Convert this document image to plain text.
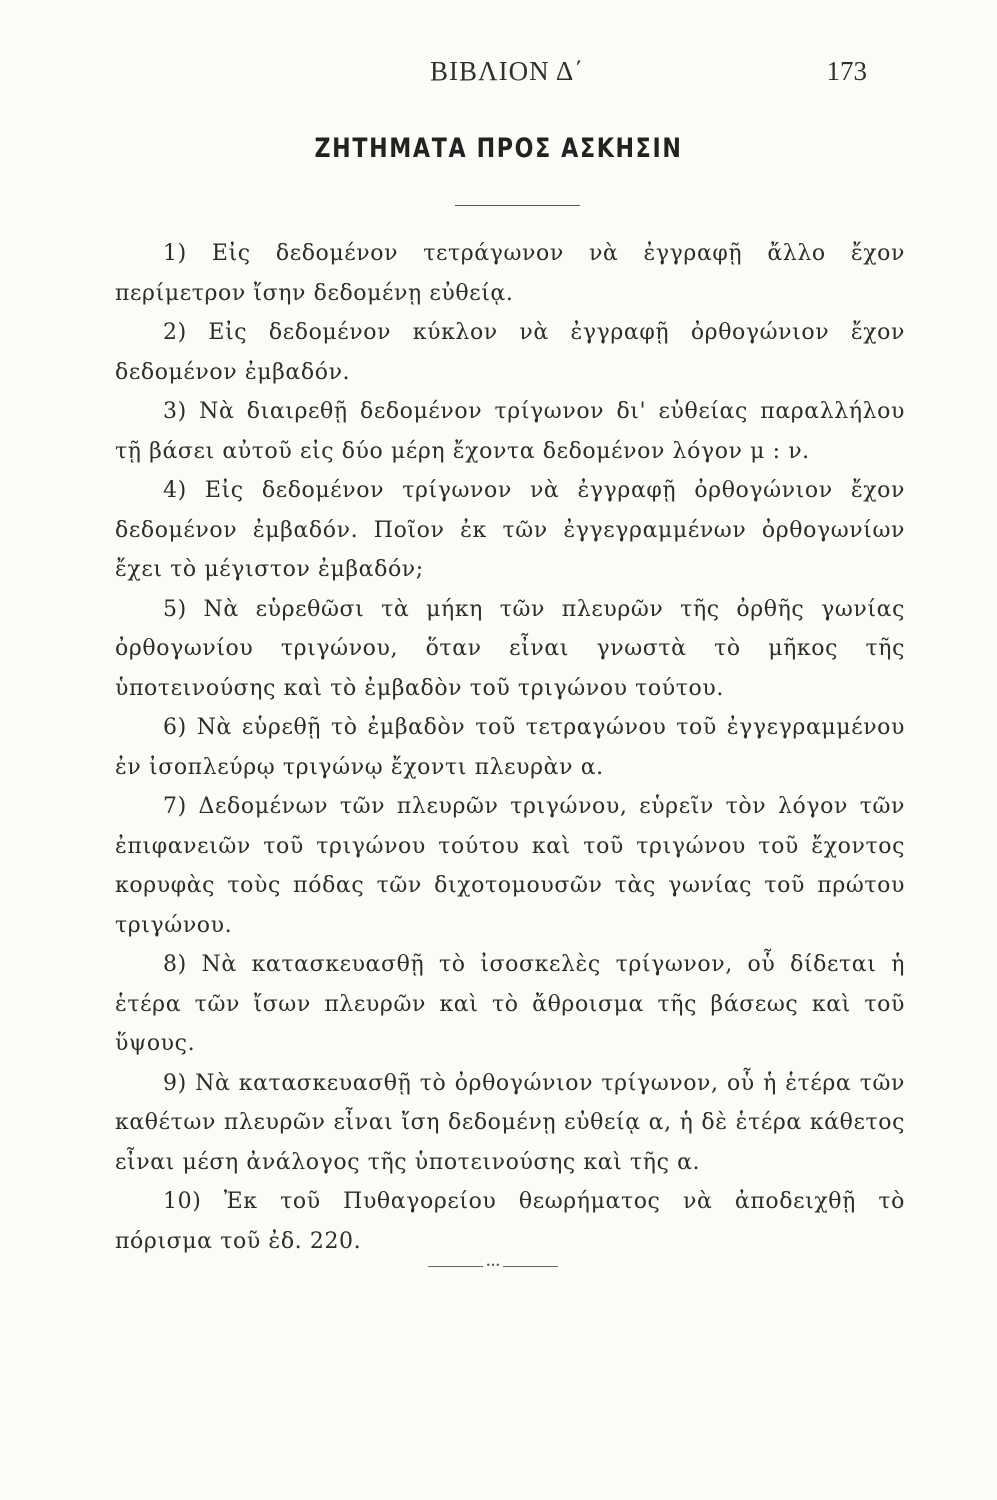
ΒΙΒΛΙΟΝ Δ΄	173
ΖΗΤΗΜΑΤΑ ΠΡΟΣ ΑΣΚΗΣΙΝ
1) Εἰς δεδομένον τετράγωνον νὰ ἐγγραφῇ ἄλλο ἔχον περίμετρον ἴσην δεδομένῃ εὐθείᾳ.
2) Εἰς δεδομένον κύκλον νὰ ἐγγραφῇ ὀρθογώνιον ἔχον δεδομένον ἐμβαδόν.
3) Νὰ διαιρεθῇ δεδομένον τρίγωνον δι' εὐθείας παραλλήλου τῇ βάσει αὐτοῦ εἰς δύο μέρη ἔχοντα δεδομένον λόγον μ : ν.
4) Εἰς δεδομένον τρίγωνον νὰ ἐγγραφῇ ὀρθογώνιον ἔχον δεδομένον ἐμβαδόν. Ποῖον ἐκ τῶν ἐγγεγραμμένων ὀρθογωνίων ἔχει τὸ μέγιστον ἐμβαδόν;
5) Νὰ εὑρεθῶσι τὰ μήκη τῶν πλευρῶν τῆς ὀρθῆς γωνίας ὀρθογωνίου τριγώνου, ὅταν εἶναι γνωστὰ τὸ μῆκος τῆς ὑποτεινούσης καὶ τὸ ἐμβαδὸν τοῦ τριγώνου τούτου.
6) Νὰ εὑρεθῇ τὸ ἐμβαδὸν τοῦ τετραγώνου τοῦ ἐγγεγραμμένου ἐν ἰσοπλεύρῳ τριγώνῳ ἔχοντι πλευρὰν α.
7) Δεδομένων τῶν πλευρῶν τριγώνου, εὑρεῖν τὸν λόγον τῶν ἐπιφανειῶν τοῦ τριγώνου τούτου καὶ τοῦ τριγώνου τοῦ ἔχοντος κορυφὰς τοὺς πόδας τῶν διχοτομουσῶν τὰς γωνίας τοῦ πρώτου τριγώνου.
8) Νὰ κατασκευασθῇ τὸ ἰσοσκελὲς τρίγωνον, οὗ δίδεται ἡ ἑτέρα τῶν ἴσων πλευρῶν καὶ τὸ ἄθροισμα τῆς βάσεως καὶ τοῦ ὕψους.
9) Νὰ κατασκευασθῇ τὸ ὀρθογώνιον τρίγωνον, οὗ ἡ ἑτέρα τῶν καθέτων πλευρῶν εἶναι ἴση δεδομένῃ εὐθείᾳ α, ἡ δὲ ἑτέρα κάθετος εἶναι μέση ἀνάλογος τῆς ὑποτεινούσης καὶ τῆς α.
10) Ἐκ τοῦ Πυθαγορείου θεωρήματος νὰ ἀποδειχθῇ τὸ πόρισμα τοῦ ἐδ. 220.
•••
